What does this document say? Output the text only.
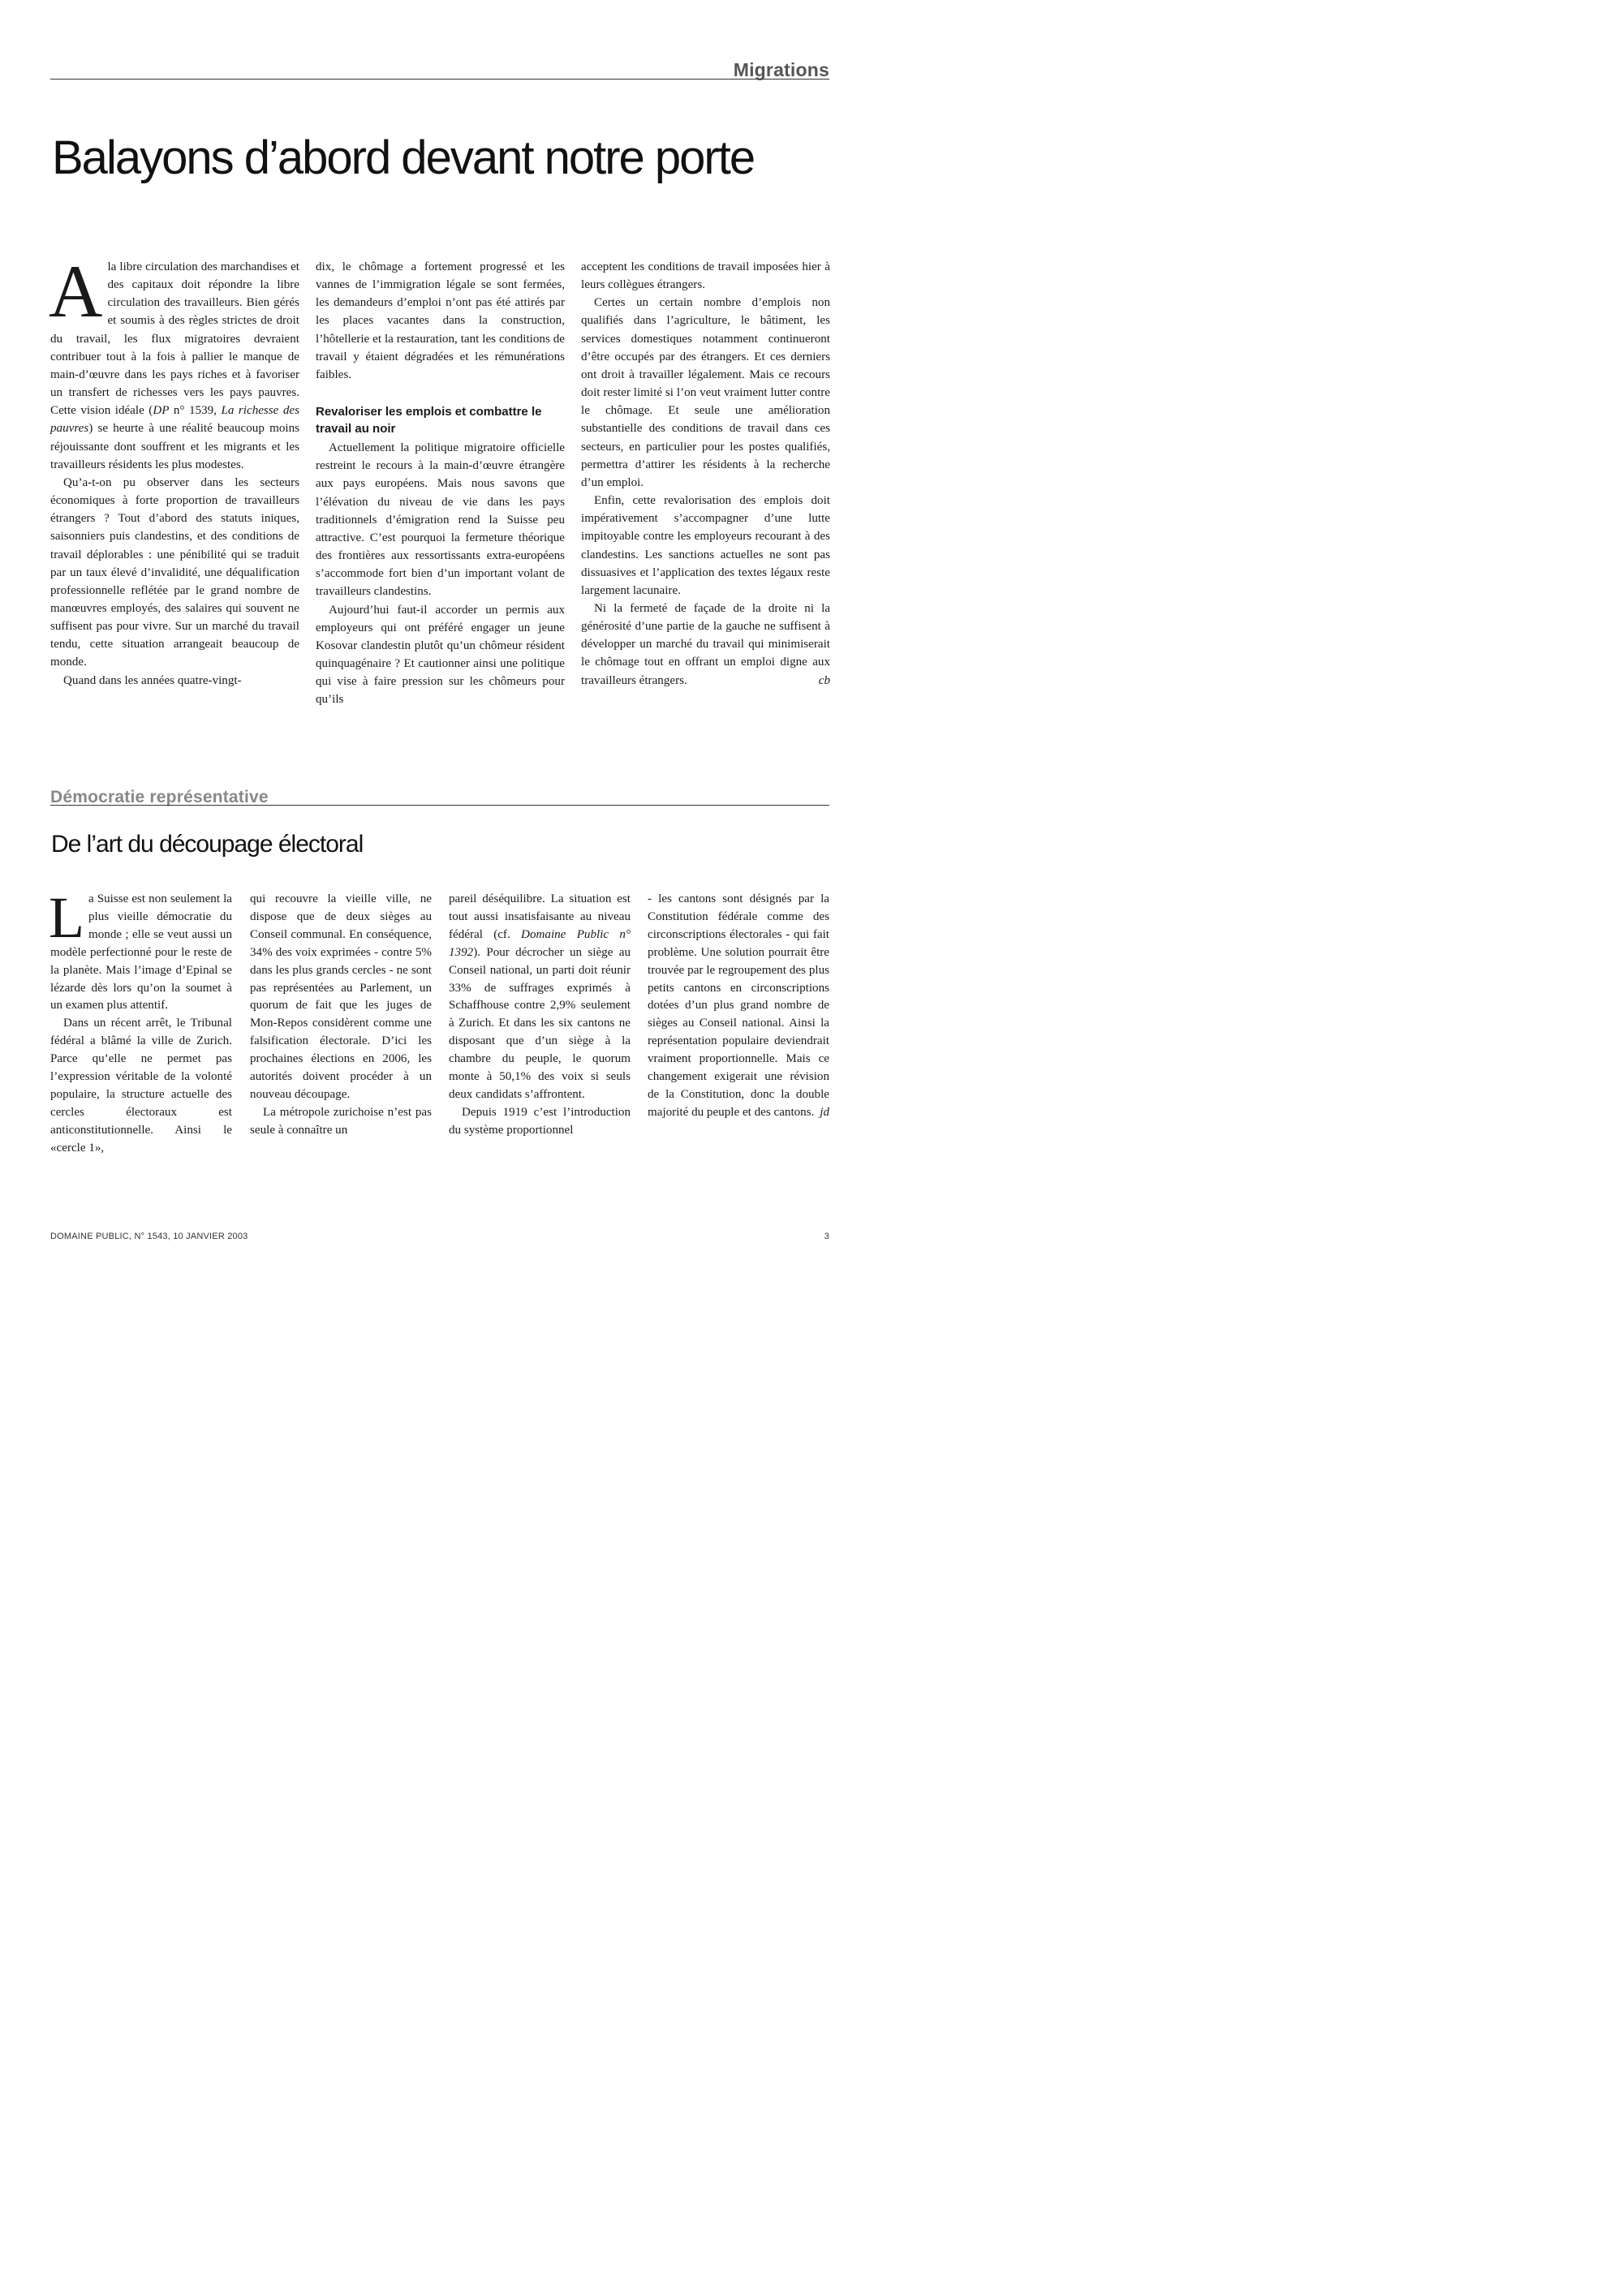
Migrations
Balayons d’abord devant notre porte

Ala libre circulation des marchandises et des capitaux doit répondre la libre circulation des travailleurs. Bien gérés et soumis à des règles strictes de droit du travail, les flux migratoires devraient contribuer tout à la fois à pallier le manque de main-d’œuvre dans les pays riches et à favoriser un transfert de richesses vers les pays pauvres. Cette vision idéale (DP n° 1539, La richesse des pauvres) se heurte à une réalité beaucoup moins réjouissante dont souffrent et les migrants et les travailleurs résidents les plus modestes.

Qu’a-t-on pu observer dans les secteurs économiques à forte proportion de travailleurs étrangers ? Tout d’abord des statuts iniques, saisonniers puis clandestins, et des conditions de travail déplorables : une pénibilité qui se traduit par un taux élevé d’invalidité, une déqualification professionnelle reflétée par le grand nombre de manœuvres employés, des salaires qui souvent ne suffisent pas pour vivre. Sur un marché du travail tendu, cette situation arrangeait beaucoup de monde.

Quand dans les années quatre-vingt-

dix, le chômage a fortement progressé et les vannes de l’immigration légale se sont fermées, les demandeurs d’emploi n’ont pas été attirés par les places vacantes dans la construction, l’hôtellerie et la restauration, tant les conditions de travail y étaient dégradées et les rémunérations faibles.

Revaloriser les emplois et combattre le travail au noir

Actuellement la politique migratoire officielle restreint le recours à la main-d’œuvre étrangère aux pays européens. Mais nous savons que l’élévation du niveau de vie dans les pays traditionnels d’émigration rend la Suisse peu attractive. C’est pourquoi la fermeture théorique des frontières aux ressortissants extra-européens s’accommode fort bien d’un important volant de travailleurs clandestins.

Aujourd’hui faut-il accorder un permis aux employeurs qui ont préféré engager un jeune Kosovar clandestin plutôt qu’un chômeur résident quinquagénaire ? Et cautionner ainsi une politique qui vise à faire pression sur les chômeurs pour qu’ils

acceptent les conditions de travail imposées hier à leurs collègues étrangers.

Certes un certain nombre d’emplois non qualifiés dans l’agriculture, le bâtiment, les services domestiques notamment continueront d’être occupés par des étrangers. Et ces derniers ont droit à travailler légalement. Mais ce recours doit rester limité si l’on veut vraiment lutter contre le chômage. Et seule une amélioration substantielle des conditions de travail dans ces secteurs, en particulier pour les postes qualifiés, permettra d’attirer les résidents à la recherche d’un emploi.

Enfin, cette revalorisation des emplois doit impérativement s’accompagner d’une lutte impitoyable contre les employeurs recourant à des clandestins. Les sanctions actuelles ne sont pas dissuasives et l’application des textes légaux reste largement lacunaire.

Ni la fermeté de façade de la droite ni la générosité d’une partie de la gauche ne suffisent à développer un marché du travail qui minimiserait le chômage tout en offrant un emploi digne aux travailleurs étrangers.	cb

Démocratie représentative
De l’art du découpage électoral

La Suisse est non seulement la plus vieille démocratie du monde ; elle se veut aussi un modèle perfectionné pour le reste de la planète. Mais l’image d’Epinal se lézarde dès lors qu’on la soumet à un examen plus attentif.

Dans un récent arrêt, le Tribunal fédéral a blâmé la ville de Zurich. Parce qu’elle ne permet pas l’expression véritable de la volonté populaire, la structure actuelle des cercles électoraux est anticonstitutionnelle. Ainsi le «cercle 1»,

qui recouvre la vieille ville, ne dispose que de deux sièges au Conseil communal. En conséquence, 34% des voix exprimées - contre 5% dans les plus grands cercles - ne sont pas représentées au Parlement, un quorum de fait que les juges de Mon-Repos considèrent comme une falsification électorale. D’ici les prochaines élections en 2006, les autorités doivent procéder à un nouveau découpage.

La métropole zurichoise n’est pas seule à connaître un

pareil déséquilibre. La situation est tout aussi insatisfaisante au niveau fédéral (cf. Domaine Public n° 1392). Pour décrocher un siège au Conseil national, un parti doit réunir 33% de suffrages exprimés à Schaffhouse contre 2,9% seulement à Zurich. Et dans les six cantons ne disposant que d’un siège à la chambre du peuple, le quorum monte à 50,1% des voix si seuls deux candidats s’affrontent.

Depuis 1919 c’est l’introduction du système proportionnel

- les cantons sont désignés par la Constitution fédérale comme des circonscriptions électorales - qui fait problème. Une solution pourrait être trouvée par le regroupement des plus petits cantons en circonscriptions dotées d’un plus grand nombre de sièges au Conseil national. Ainsi la représentation populaire deviendrait vraiment proportionnelle. Mais ce changement exigerait une révision de la Constitution, donc la double majorité du peuple et des cantons. jd

DOMAINE PUBLIC, N° 1543, 10 JANVIER 2003	3
